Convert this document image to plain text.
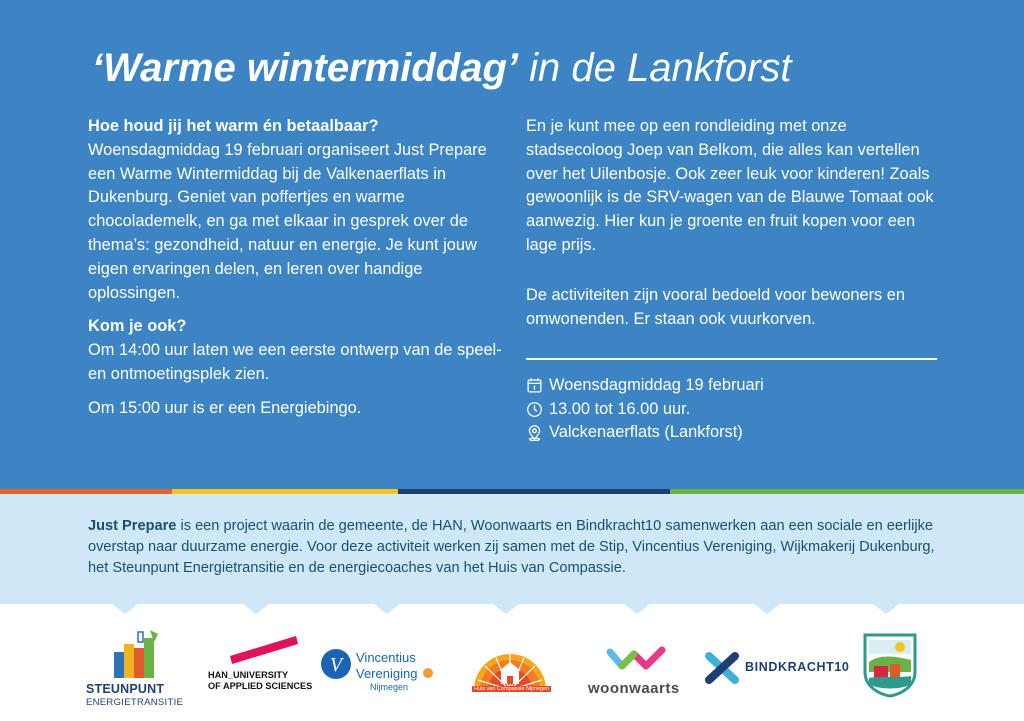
‘Warme wintermiddag’ in de Lankforst
Hoe houd jij het warm én betaalbaar?

Woensdagmiddag 19 februari organiseert Just Prepare een Warme Wintermiddag bij de Valkenaerflats in Dukenburg. Geniet van poffertjes en warme chocolademelk, en ga met elkaar in gesprek over de thema’s: gezondheid, natuur en energie. Je kunt jouw eigen ervaringen delen, en leren over handige oplossingen.

Kom je ook?

Om 14:00 uur laten we een eerste ontwerp van de speel- en ontmoetingsplek zien.

Om 15:00 uur is er een Energiebingo.

En je kunt mee op een rondleiding met onze stadsecoloog Joep van Belkom, die alles kan vertellen over het Uilenbosje. Ook zeer leuk voor kinderen! Zoals gewoonlijk is de SRV-wagen van de Blauwe Tomaat ook aanwezig. Hier kun je groente en fruit kopen voor een lage prijs.

De activiteiten zijn vooral bedoeld voor bewoners en omwonenden. Er staan ook vuurkorven.

Woensdagmiddag 19 februari
13.00 tot 16.00 uur.
Valckenaerflats (Lankforst)
Just Prepare is een project waarin de gemeente, de HAN, Woonwaarts en Bindkracht10 samenwerken aan een sociale en eerlijke overstap naar duurzame energie. Voor deze activiteit werken zij samen met de Stip, Vincentius Vereniging, Wijkmakerij Dukenburg, het Steunpunt Energietransitie en de energiecoaches van het Huis van Compassie.
STEUNPUNT
ENERGIETRANSITIE
HAN_UNIVERSITY
OF APPLIED SCIENCES
V Vincentius
Vereniging
Nijmegen	Huis van Compassie Nijmegen	woonwaarts
BINDKRACHT10
